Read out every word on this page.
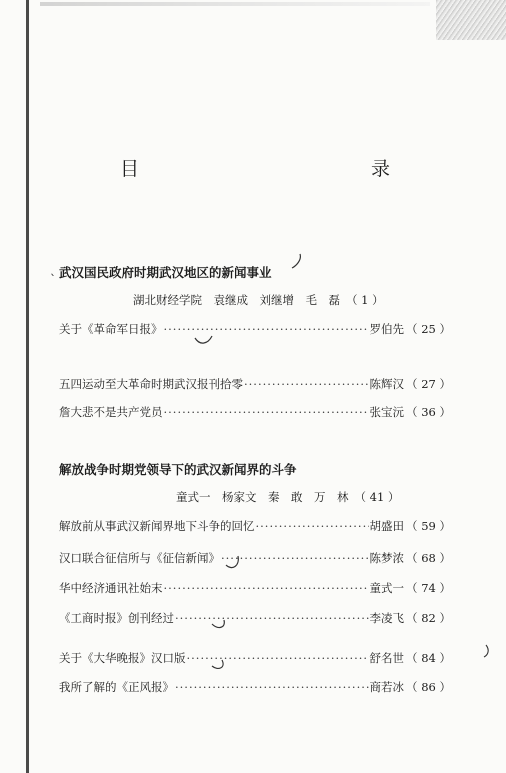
目	录
武汉国民政府时期武汉地区的新闻事业
ˎ
湖北财经学院　袁继成　刘继增　毛　磊 （ 1 ）
关于《革命军日报》 ·····	罗伯先 （ 25 ）
五四运动至大革命时期武汉报刊拾零 ·····	陈辉汉 （ 27 ）
詹大悲不是共产党员 ·····	张宝沅 （ 36 ）
解放战争时期党领导下的武汉新闻界的斗争
童式一　杨家文　秦　敢　万　林 （ 41 ）
解放前从事武汉新闻界地下斗争的回忆 ·····	胡盛田 （ 59 ）
汉口联合征信所与《征信新闻》 ·····	陈梦浓 （ 68 ）
华中经济通讯社始末 ·····	童式一 （ 74 ）
《工商时报》创刊经过 ·····	李凌飞 （ 82 ）
关于《大华晚报》汉口版 ·····	舒名世 （ 84 ）
我所了解的《正风报》 ·····	商若冰 （ 86 ）
